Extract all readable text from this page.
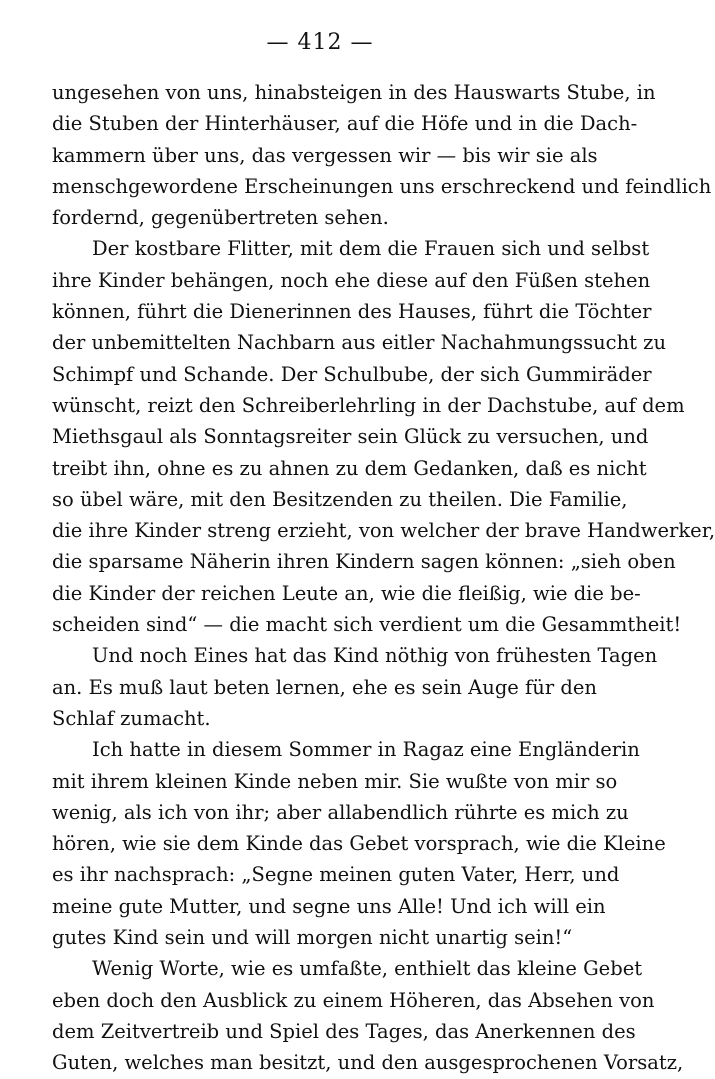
— 412 —
ungesehen von uns, hinabsteigen in des Hauswarts Stube, in
die Stuben der Hinterhäuser, auf die Höfe und in die Dach-
kammern über uns, das vergessen wir — bis wir sie als
menschgewordene Erscheinungen uns erschreckend und feindlich
fordernd, gegenübertreten sehen.
Der kostbare Flitter, mit dem die Frauen sich und selbst
ihre Kinder behängen, noch ehe diese auf den Füßen stehen
können, führt die Dienerinnen des Hauses, führt die Töchter
der unbemittelten Nachbarn aus eitler Nachahmungssucht zu
Schimpf und Schande. Der Schulbube, der sich Gummiräder
wünscht, reizt den Schreiberlehrling in der Dachstube, auf dem
Miethsgaul als Sonntagsreiter sein Glück zu versuchen, und
treibt ihn, ohne es zu ahnen zu dem Gedanken, daß es nicht
so übel wäre, mit den Besitzenden zu theilen. Die Familie,
die ihre Kinder streng erzieht, von welcher der brave Handwerker,
die sparsame Näherin ihren Kindern sagen können: „sieh oben
die Kinder der reichen Leute an, wie die fleißig, wie die be-
scheiden sind“ — die macht sich verdient um die Gesammtheit!
Und noch Eines hat das Kind nöthig von frühesten Tagen
an. Es muß laut beten lernen, ehe es sein Auge für den
Schlaf zumacht.
Ich hatte in diesem Sommer in Ragaz eine Engländerin
mit ihrem kleinen Kinde neben mir. Sie wußte von mir so
wenig, als ich von ihr; aber allabendlich rührte es mich zu
hören, wie sie dem Kinde das Gebet vorsprach, wie die Kleine
es ihr nachsprach: „Segne meinen guten Vater, Herr, und
meine gute Mutter, und segne uns Alle! Und ich will ein
gutes Kind sein und will morgen nicht unartig sein!“
Wenig Worte, wie es umfaßte, enthielt das kleine Gebet
eben doch den Ausblick zu einem Höheren, das Absehen von
dem Zeitvertreib und Spiel des Tages, das Anerkennen des
Guten, welches man besitzt, und den ausgesprochenen Vorsatz,
